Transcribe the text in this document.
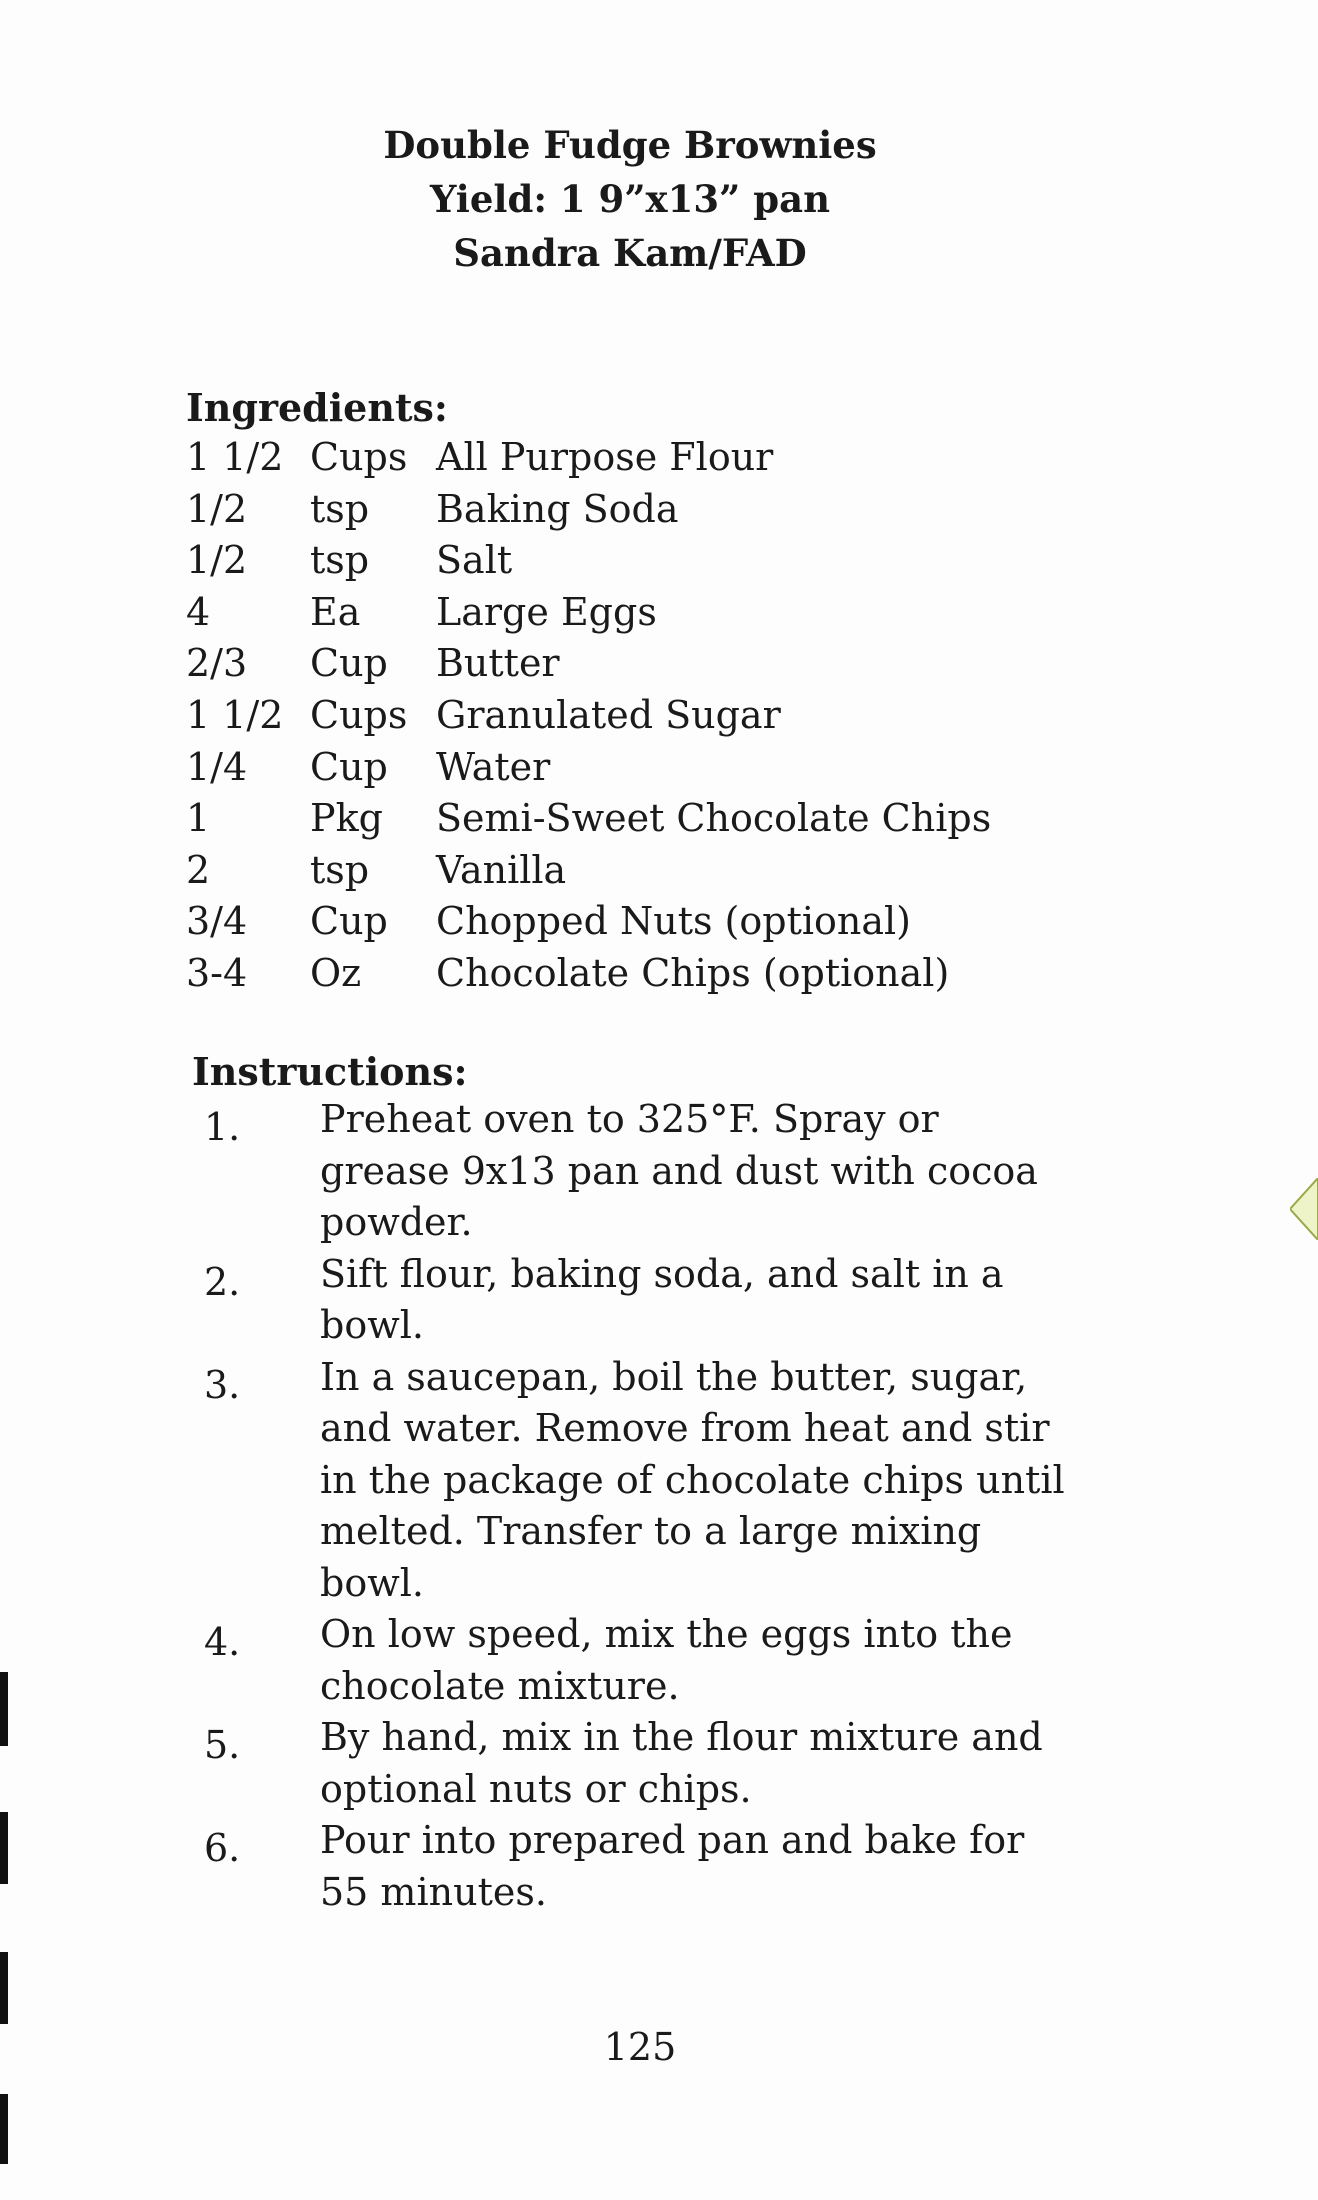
Double Fudge Brownies
Yield: 1 9”x13” pan
Sandra Kam/FAD
Ingredients:
1 1/2 Cups All Purpose Flour
1/2 tsp Baking Soda
1/2 tsp Salt
4	Ea Large Eggs
2/3 Cup Butter
1 1/2 Cups Granulated Sugar
1/4 Cup Water
1	Pkg Semi-Sweet Chocolate Chips
2	tsp Vanilla
3/4 Cup Chopped Nuts (optional)
3-4 Oz Chocolate Chips (optional)
Instructions:
1.	Preheat oven to 325°F. Spray or grease 9x13 pan and dust with cocoa powder.
2.	Sift flour, baking soda, and salt in a bowl.
3.	In a saucepan, boil the butter, sugar, and water. Remove from heat and stir in the package of chocolate chips until melted. Transfer to a large mixing bowl.
4.	On low speed, mix the eggs into the chocolate mixture.
5.	By hand, mix in the flour mixture and optional nuts or chips.
6.	Pour into prepared pan and bake for 55 minutes.
125
